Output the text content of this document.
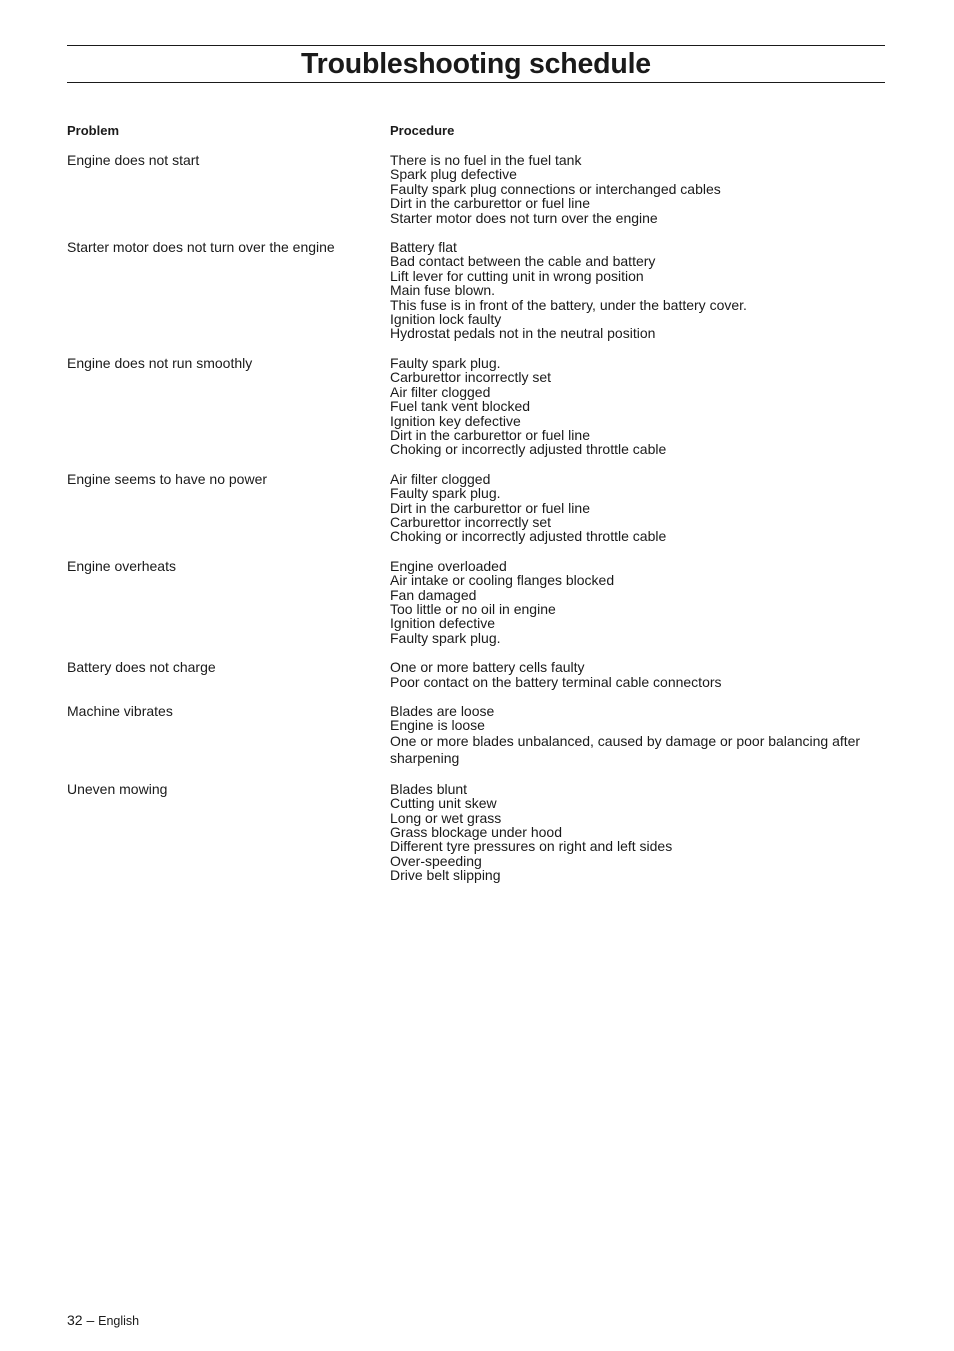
Troubleshooting schedule
Problem	Procedure
Engine does not start	There is no fuel in the fuel tank
Spark plug defective
Faulty spark plug connections or interchanged cables
Dirt in the carburettor or fuel line
Starter motor does not turn over the engine
Starter motor does not turn over the engine	Battery flat
Bad contact between the cable and battery
Lift lever for cutting unit in wrong position
Main fuse blown.
This fuse is in front of the battery, under the battery cover.
Ignition lock faulty
Hydrostat pedals not in the neutral position
Engine does not run smoothly	Faulty spark plug.
Carburettor incorrectly set
Air filter clogged
Fuel tank vent blocked
Ignition key defective
Dirt in the carburettor or fuel line
Choking or incorrectly adjusted throttle cable
Engine seems to have no power	Air filter clogged
Faulty spark plug.
Dirt in the carburettor or fuel line
Carburettor incorrectly set
Choking or incorrectly adjusted throttle cable
Engine overheats	Engine overloaded
Air intake or cooling flanges blocked
Fan damaged
Too little or no oil in engine
Ignition defective
Faulty spark plug.
Battery does not charge	One or more battery cells faulty
Poor contact on the battery terminal cable connectors
Machine vibrates	Blades are loose
Engine is loose
One or more blades unbalanced, caused by damage or poor balancing after sharpening
Uneven mowing	Blades blunt
Cutting unit skew
Long or wet grass
Grass blockage under hood
Different tyre pressures on right and left sides
Over-speeding
Drive belt slipping
32 – English
